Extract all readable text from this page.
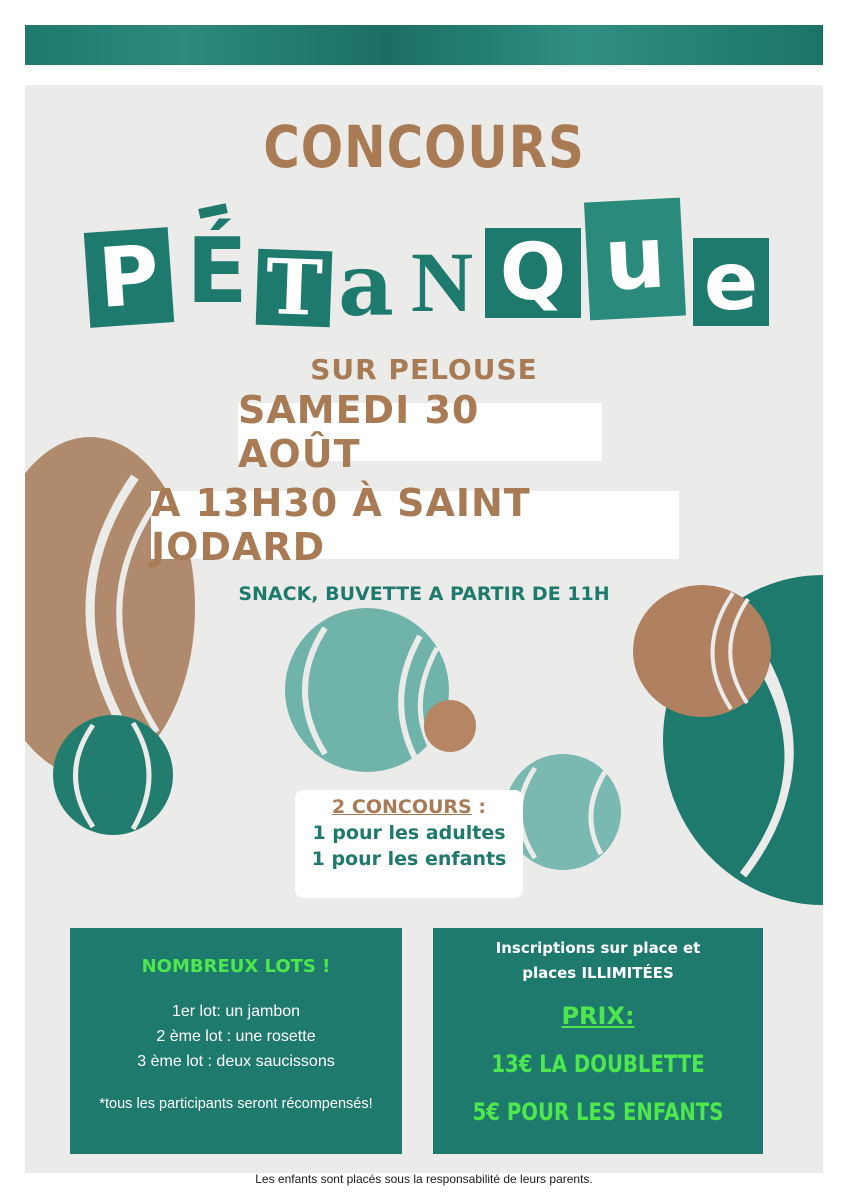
CONCOURS
P É T a N Q u e
SUR PELOUSE
SAMEDI 30 AOÛT
A 13H30 À SAINT JODARD
SNACK, BUVETTE A PARTIR DE 11H
2 CONCOURS :
1 pour les adultes
1 pour les enfants
NOMBREUX LOTS !
1er lot: un jambon
2 ème lot : une rosette
3 ème lot : deux saucissons
*tous les participants seront récompensés!
Inscriptions sur place et
places ILLIMITÉES
PRIX:
13€ LA DOUBLETTE
5€ POUR LES ENFANTS
Les enfants sont placés sous la responsabilité de leurs parents.
